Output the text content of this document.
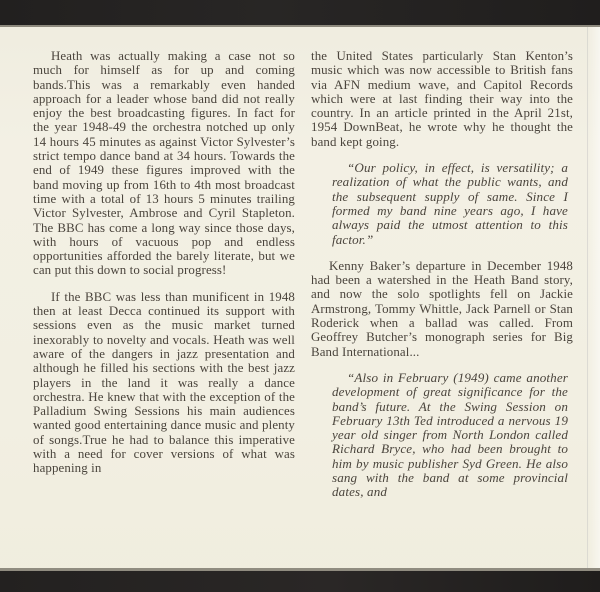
Heath was actually making a case not so much for himself as for up and coming bands.This was a remarkably even handed approach for a leader whose band did not really enjoy the best broadcasting figures. In fact for the year 1948-49 the orchestra notched up only 14 hours 45 minutes as against Victor Sylvester’s strict tempo dance band at 34 hours. Towards the end of 1949 these figures improved with the band moving up from 16th to 4th most broadcast time with a total of 13 hours 5 minutes trailing Victor Sylvester, Ambrose and Cyril Stapleton. The BBC has come a long way since those days, with hours of vacuous pop and endless opportunities afforded the barely literate, but we can put this down to social progress!

If the BBC was less than munificent in 1948 then at least Decca continued its support with sessions even as the music market turned inexorably to novelty and vocals. Heath was well aware of the dangers in jazz presentation and although he filled his sections with the best jazz players in the land it was really a dance orchestra. He knew that with the exception of the Palladium Swing Sessions his main audiences wanted good entertaining dance music and plenty of songs.True he had to balance this imperative with a need for cover versions of what was happening in

the United States particularly Stan Kenton’s music which was now accessible to British fans via AFN medium wave, and Capitol Records which were at last finding their way into the country. In an article printed in the April 21st, 1954 DownBeat, he wrote why he thought the band kept going.

“Our policy, in effect, is versatility; a realization of what the public wants, and the subsequent supply of same. Since I formed my band nine years ago, I have always paid the utmost attention to this factor.”

Kenny Baker’s departure in December 1948 had been a watershed in the Heath Band story, and now the solo spotlights fell on Jackie Armstrong, Tommy Whittle, Jack Parnell or Stan Roderick when a ballad was called. From Geoffrey Butcher’s monograph series for Big Band International...

“Also in February (1949) came another development of great significance for the band’s future. At the Swing Session on February 13th Ted introduced a nervous 19 year old singer from North London called Richard Bryce, who had been brought to him by music publisher Syd Green. He also sang with the band at some provincial dates, and
